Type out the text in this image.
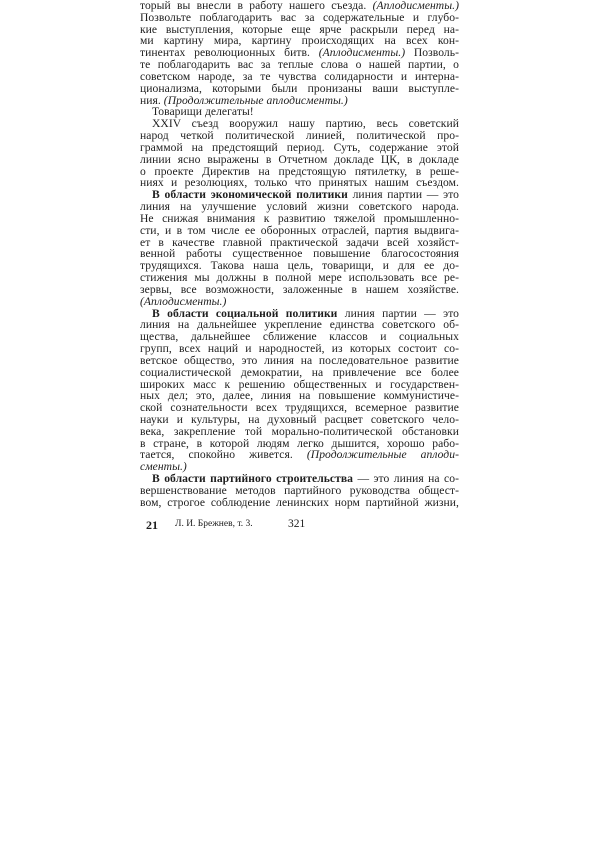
торый вы внесли в работу нашего съезда. (Аплодисменты.)
Позвольте поблагодарить вас за содержательные и глубо-
кие выступления, которые еще ярче раскрыли перед на-
ми картину мира, картину происходящих на всех кон-
тинентах революционных битв. (Аплодисменты.) Позволь-
те поблагодарить вас за теплые слова о нашей партии, о
советском народе, за те чувства солидарности и интерна-
ционализма, которыми были пронизаны ваши выступле-
ния. (Продолжительные аплодисменты.)
Товарищи делегаты!
XXIV съезд вооружил нашу партию, весь советский
народ четкой политической линией, политической про-
граммой на предстоящий период. Суть, содержание этой
линии ясно выражены в Отчетном докладе ЦК, в докладе
о проекте Директив на предстоящую пятилетку, в реше-
ниях и резолюциях, только что принятых нашим съездом.
В области экономической политики линия партии — это
линия на улучшение условий жизни советского народа.
Не снижая внимания к развитию тяжелой промышленно-
сти, и в том числе ее оборонных отраслей, партия выдвига-
ет в качестве главной практической задачи всей хозяйст-
венной работы существенное повышение благосостояния
трудящихся. Такова наша цель, товарищи, и для ее до-
стижения мы должны в полной мере использовать все ре-
зервы, все возможности, заложенные в нашем хозяйстве.
(Аплодисменты.)
В области социальной политики линия партии — это
линия на дальнейшее укрепление единства советского об-
щества, дальнейшее сближение классов и социальных
групп, всех наций и народностей, из которых состоит со-
ветское общество, это линия на последовательное развитие
социалистической демократии, на привлечение все более
широких масс к решению общественных и государствен-
ных дел; это, далее, линия на повышение коммунистиче-
ской сознательности всех трудящихся, всемерное развитие
науки и культуры, на духовный расцвет советского чело-
века, закрепление той морально-политической обстановки
в стране, в которой людям легко дышится, хорошо рабо-
тается, спокойно живется. (Продолжительные аплоди-
сменты.)
В области партийного строительства — это линия на со-
вершенствование методов партийного руководства общест-
вом, строгое соблюдение ленинских норм партийной жизни,
21 Л. И. Брежнев, т. 3.	321
